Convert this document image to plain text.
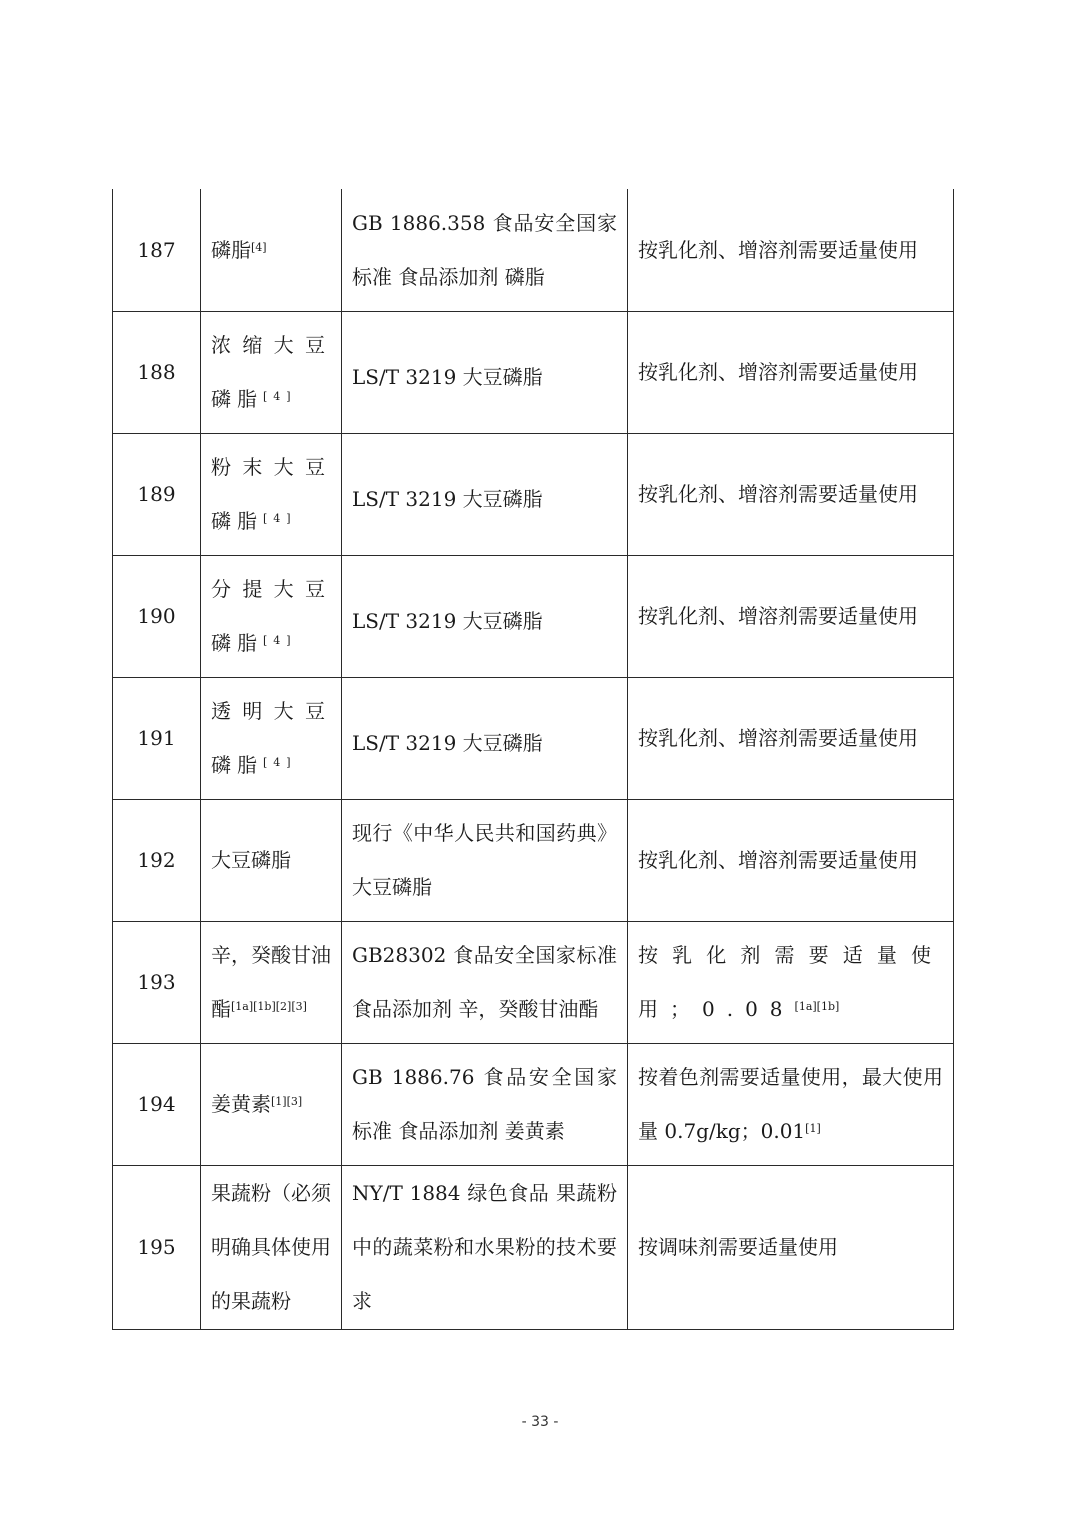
187	磷脂[4]	GB 1886.358 食品安全国家标准 食品添加剂 磷脂	按乳化剂、增溶剂需要适量使用
188	浓缩大豆磷脂[4]	LS/T 3219 大豆磷脂	按乳化剂、增溶剂需要适量使用
189	粉末大豆磷脂[4]	LS/T 3219 大豆磷脂	按乳化剂、增溶剂需要适量使用
190	分提大豆磷脂[4]	LS/T 3219 大豆磷脂	按乳化剂、增溶剂需要适量使用
191	透明大豆磷脂[4]	LS/T 3219 大豆磷脂	按乳化剂、增溶剂需要适量使用
192	大豆磷脂	现行《中华人民共和国药典》大豆磷脂	按乳化剂、增溶剂需要适量使用
193	辛，癸酸甘油酯[1a][1b][2][3]	GB28302 食品安全国家标准 食品添加剂 辛，癸酸甘油酯	按乳化剂需要适量使用；0.08[1a][1b]
194	姜黄素[1][3]	GB 1886.76 食品安全国家标准 食品添加剂 姜黄素	按着色剂需要适量使用，最大使用量 0.7g/kg；0.01[1]
195	果蔬粉（必须明确具体使用的果蔬粉	NY/T 1884 绿色食品 果蔬粉中的蔬菜粉和水果粉的技术要求	按调味剂需要适量使用
- 33 -
